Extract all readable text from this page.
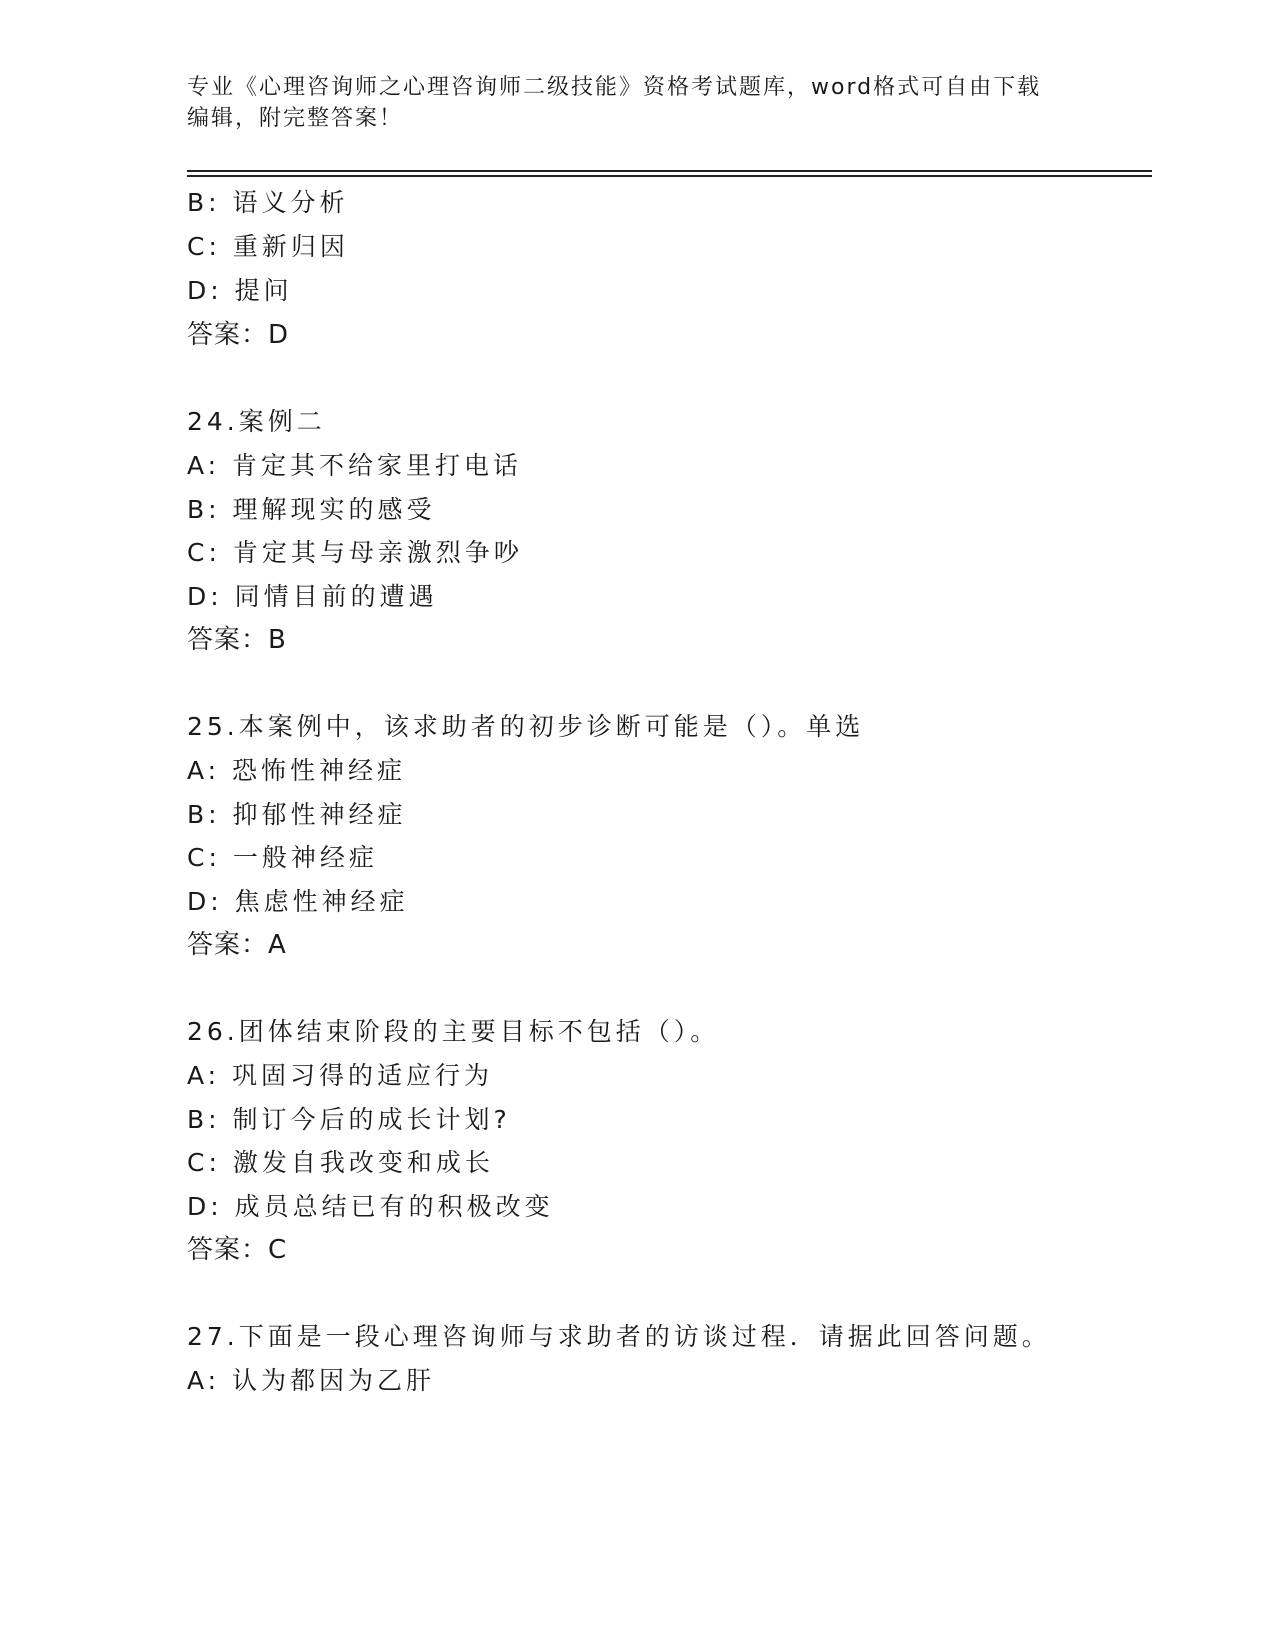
专业《心理咨询师之心理咨询师二级技能》资格考试题库，word格式可自由下载
编辑，附完整答案！
B: 语义分析
C: 重新归因
D: 提问
答案：D
24.案例二
A: 肯定其不给家里打电话
B: 理解现实的感受
C: 肯定其与母亲激烈争吵
D: 同情目前的遭遇
答案：B
25.本案例中，该求助者的初步诊断可能是（）。单选
A: 恐怖性神经症
B: 抑郁性神经症
C: 一般神经症
D: 焦虑性神经症
答案：A
26.团体结束阶段的主要目标不包括（）。
A: 巩固习得的适应行为
B: 制订今后的成长计划?
C: 激发自我改变和成长
D: 成员总结已有的积极改变
答案：C
27.下面是一段心理咨询师与求助者的访谈过程．请据此回答问题。
A: 认为都因为乙肝
